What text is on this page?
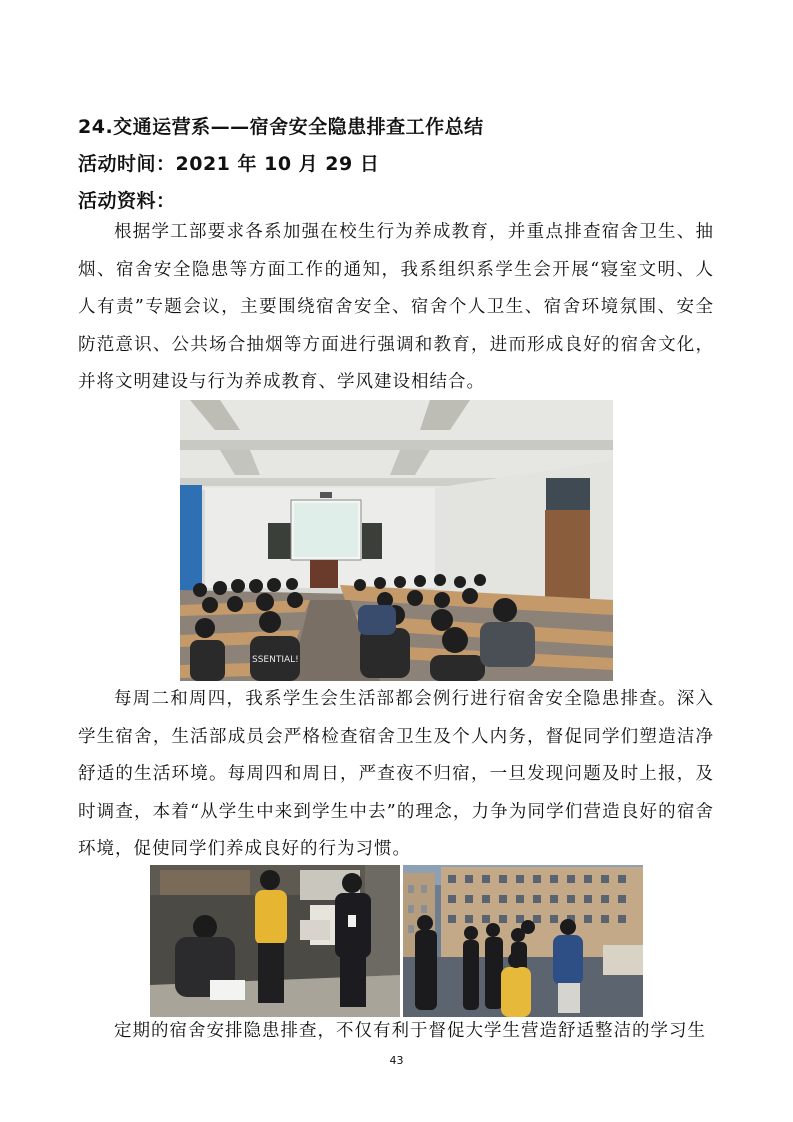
24.交通运营系——宿舍安全隐患排查工作总结
活动时间：2021 年 10 月 29 日
活动资料：
根据学工部要求各系加强在校生行为养成教育，并重点排查宿舍卫生、抽烟、宿舍安全隐患等方面工作的通知，我系组织系学生会开展“寝室文明、人人有责”专题会议，主要围绕宿舍安全、宿舍个人卫生、宿舍环境氛围、安全防范意识、公共场合抽烟等方面进行强调和教育，进而形成良好的宿舍文化，并将文明建设与行为养成教育、学风建设相结合。
SSENTIAL!
每周二和周四，我系学生会生活部都会例行进行宿舍安全隐患排查。深入学生宿舍，生活部成员会严格检查宿舍卫生及个人内务，督促同学们塑造洁净舒适的生活环境。每周四和周日，严查夜不归宿，一旦发现问题及时上报，及时调查，本着“从学生中来到学生中去”的理念，力争为同学们营造良好的宿舍环境，促使同学们养成良好的行为习惯。
定期的宿舍安排隐患排查，不仅有利于督促大学生营造舒适整洁的学习生
43
